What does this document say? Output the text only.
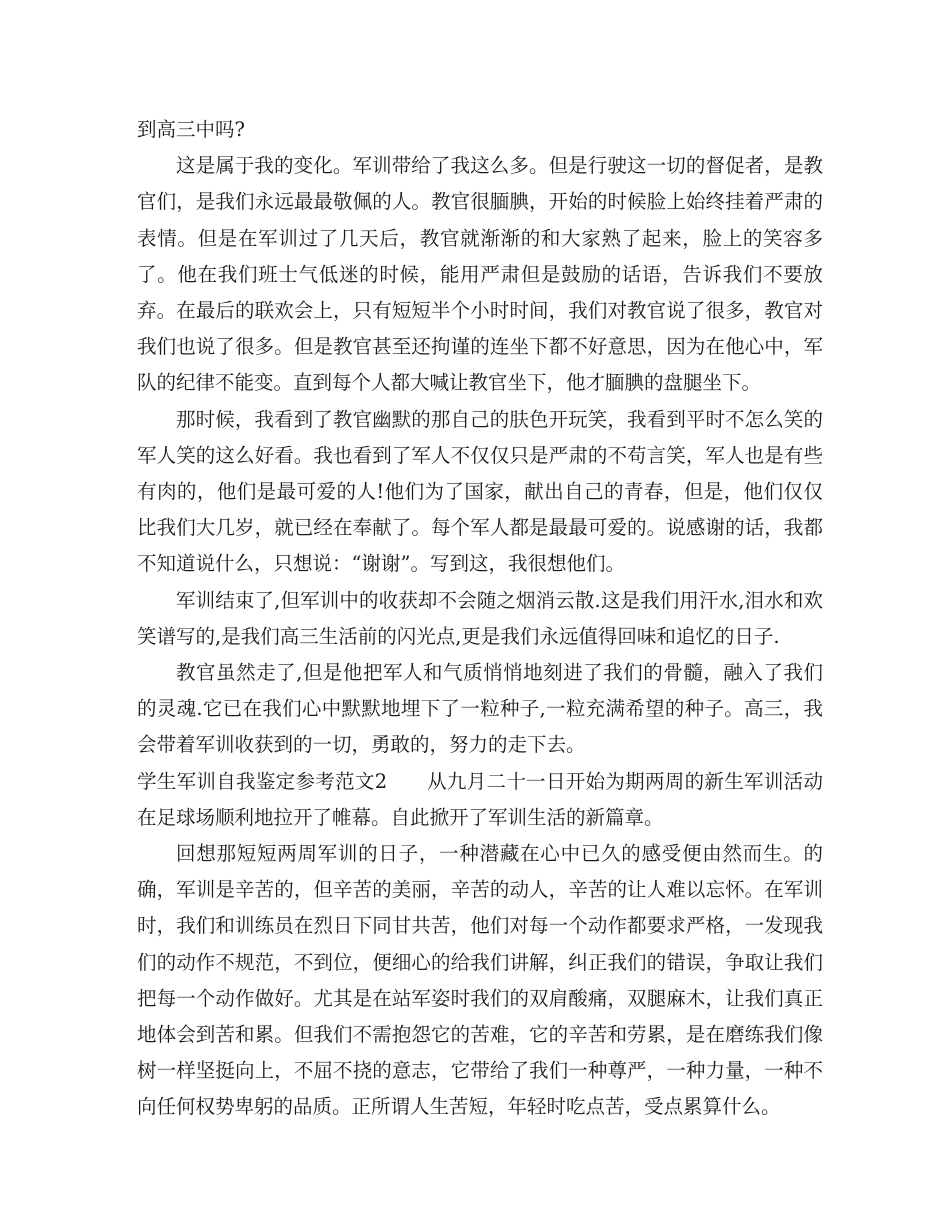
到高三中吗?

这是属于我的变化。军训带给了我这么多。但是行驶这一切的督促者，是教官们，是我们永远最最敬佩的人。教官很腼腆，开始的时候脸上始终挂着严肃的表情。但是在军训过了几天后，教官就渐渐的和大家熟了起来，脸上的笑容多了。他在我们班士气低迷的时候，能用严肃但是鼓励的话语，告诉我们不要放弃。在最后的联欢会上，只有短短半个小时时间，我们对教官说了很多，教官对我们也说了很多。但是教官甚至还拘谨的连坐下都不好意思，因为在他心中，军队的纪律不能变。直到每个人都大喊让教官坐下，他才腼腆的盘腿坐下。

那时候，我看到了教官幽默的那自己的肤色开玩笑，我看到平时不怎么笑的军人笑的这么好看。我也看到了军人不仅仅只是严肃的不苟言笑，军人也是有些有肉的，他们是最可爱的人!他们为了国家，献出自己的青春，但是，他们仅仅比我们大几岁，就已经在奉献了。每个军人都是最最可爱的。说感谢的话，我都不知道说什么，只想说：“谢谢”。写到这，我很想他们。

军训结束了,但军训中的收获却不会随之烟消云散.这是我们用汗水,泪水和欢笑谱写的,是我们高三生活前的闪光点,更是我们永远值得回味和追忆的日子.

教官虽然走了,但是他把军人和气质悄悄地刻进了我们的骨髓，融入了我们的灵魂.它已在我们心中默默地埋下了一粒种子,一粒充满希望的种子。高三，我会带着军训收获到的一切，勇敢的，努力的走下去。

学生军训自我鉴定参考范文2　　从九月二十一日开始为期两周的新生军训活动在足球场顺利地拉开了帷幕。自此掀开了军训生活的新篇章。

回想那短短两周军训的日子，一种潜藏在心中已久的感受便由然而生。的确，军训是辛苦的，但辛苦的美丽，辛苦的动人，辛苦的让人难以忘怀。在军训时，我们和训练员在烈日下同甘共苦，他们对每一个动作都要求严格，一发现我们的动作不规范，不到位，便细心的给我们讲解，纠正我们的错误，争取让我们把每一个动作做好。尤其是在站军姿时我们的双肩酸痛，双腿麻木，让我们真正地体会到苦和累。但我们不需抱怨它的苦难，它的辛苦和劳累，是在磨练我们像树一样坚挺向上，不屈不挠的意志，它带给了我们一种尊严，一种力量，一种不向任何权势卑躬的品质。正所谓人生苦短，年轻时吃点苦，受点累算什么。
